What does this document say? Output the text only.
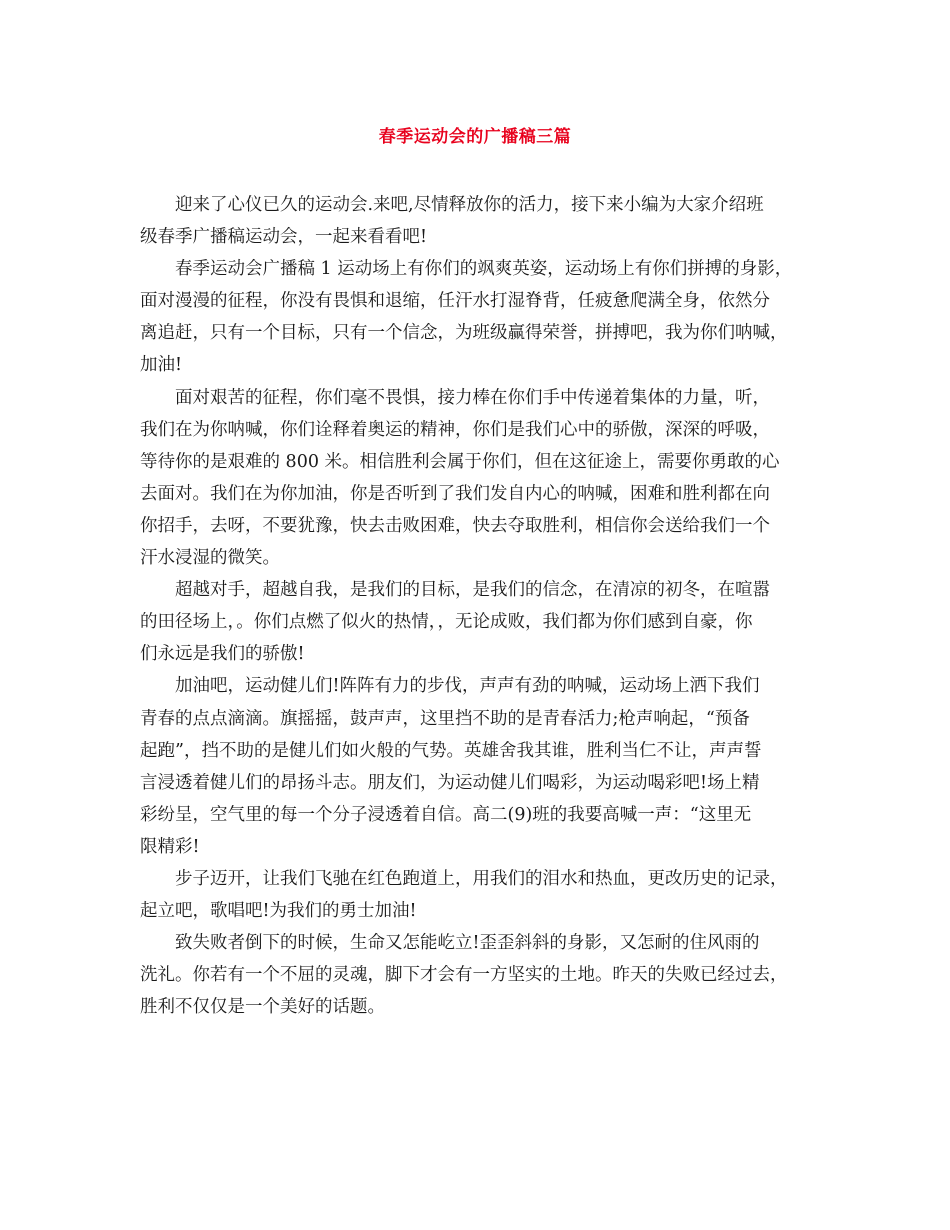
春季运动会的广播稿三篇
迎来了心仪已久的运动会.来吧,尽情释放你的活力，接下来小编为大家介绍班
级春季广播稿运动会，一起来看看吧!
春季运动会广播稿 1 运动场上有你们的飒爽英姿，运动场上有你们拼搏的身影，
面对漫漫的征程，你没有畏惧和退缩，任汗水打湿脊背，任疲惫爬满全身，依然分
离追赶，只有一个目标，只有一个信念，为班级赢得荣誉，拼搏吧，我为你们呐喊，
加油!
面对艰苦的征程，你们毫不畏惧，接力棒在你们手中传递着集体的力量，听，
我们在为你呐喊，你们诠释着奥运的精神，你们是我们心中的骄傲，深深的呼吸，
等待你的是艰难的 800 米。相信胜利会属于你们，但在这征途上，需要你勇敢的心
去面对。我们在为你加油，你是否听到了我们发自内心的呐喊，困难和胜利都在向
你招手，去呀，不要犹豫，快去击败困难，快去夺取胜利，相信你会送给我们一个
汗水浸湿的微笑。
超越对手，超越自我，是我们的目标，是我们的信念，在清凉的初冬，在喧嚣
的田径场上，。你们点燃了似火的热情，，无论成败，我们都为你们感到自豪，你
们永远是我们的骄傲!
加油吧，运动健儿们!阵阵有力的步伐，声声有劲的呐喊，运动场上洒下我们
青春的点点滴滴。旗摇摇，鼓声声，这里挡不助的是青春活力;枪声响起，“预备
起跑”，挡不助的是健儿们如火般的气势。英雄舍我其谁，胜利当仁不让，声声誓
言浸透着健儿们的昂扬斗志。朋友们，为运动健儿们喝彩，为运动喝彩吧!场上精
彩纷呈，空气里的每一个分子浸透着自信。高二(9)班的我要高喊一声：“这里无
限精彩!
步子迈开，让我们飞驰在红色跑道上，用我们的泪水和热血，更改历史的记录，
起立吧，歌唱吧!为我们的勇士加油!
致失败者倒下的时候，生命又怎能屹立!歪歪斜斜的身影，又怎耐的住风雨的
洗礼。你若有一个不屈的灵魂，脚下才会有一方坚实的土地。昨天的失败已经过去，
胜利不仅仅是一个美好的话题。
